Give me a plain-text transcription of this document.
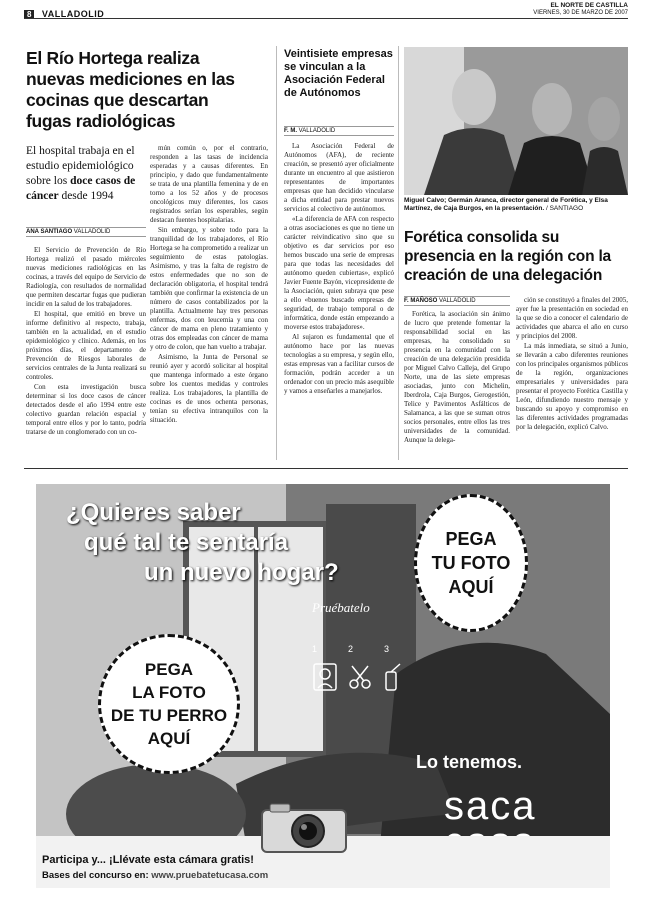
8 VALLADOLID
EL NORTE DE CASTILLA
VIERNES, 30 DE MARZO DE 2007
El Río Hortega realiza nuevas mediciones en las cocinas que descartan fugas radiológicas
El hospital trabaja en el estudio epidemiológico sobre los doce casos de cáncer desde 1994
ANA SANTIAGO VALLADOLID

El Servicio de Prevención de Río Hortega realizó el pasado miércoles nuevas mediciones radiológicas en las cocinas, a través del equipo de Servicio de Radiología, con resultados de normalidad que permiten descartar fugas que pudieran incidir en la salud de los trabajadores.

El hospital, que emitió en breve un informe definitivo al respecto, trabaja, también en la actualidad, en el estudio epidemiológico y clínico. Además, en los próximos días, el departamento de Prevención de Riesgos laborales de servicios centrales de la Junta realizará su controles.

Con esta investigación busca determinar si los doce casos de cáncer detectados desde el año 1994 entre este colectivo guardan relación espacial y temporal entre ellos y por lo tanto, podría tratarse de un conglomerado con un co-

mún común o, por el contrario, responden a las tasas de incidencia esperadas y a causas diferentes. En principio, y dado que fundamentalmente se trata de una plantilla femenina y de en torno a los 52 años y de procesos oncológicos muy diferentes, los casos registrados serían los esperables, según destacan fuentes hospitalarias.

Sin embargo, y sobre todo para la tranquilidad de los trabajadores, el Río Hortega se ha comprometido a realizar un seguimiento de estas patologías. Asimismo, y tras la falta de registro de estos enfermedades que no son de declaración obligatoria, el hospital tendrá también que confirmar la existencia de un número de casos contabilizados por la plantilla. Actualmente hay tres personas enfermas, dos con leucemia y una con cáncer de mama en pleno tratamiento y otras dos empleadas con cáncer de mama y otro de colon, que han vuelto a trabajar.

Asimismo, la Junta de Personal se reunió ayer y acordó solicitar al hospital que mantenga informado a este órgano sobre los cuentos medidas y controles realiza. Los trabajadores, la plantilla de cocinas es de unos ochenta personas, tenían su efectiva intranquilos con la situación.

Veintisiete empresas se vinculan a la Asociación Federal de Autónomos
F. M. VALLADOLID

La Asociación Federal de Autónomos (AFA), de reciente creación, se presentó ayer oficialmente durante un encuentro al que asistieron representantes de importantes empresas que han decidido vincularse a dicha entidad para prestar nuevos servicios al colectivo de autónomos.

«La diferencia de AFA con respecto a otras asociaciones es que no tiene un carácter reivindicativo sino que su objetivo es dar servicios por eso hemos buscado una serie de empresas para que todas las necesidades del autónomo queden cubiertas», explicó Javier Fuente Bayón, vicepresidente de la Asociación, quien subraya que pese a ello «buenos buscado empresas de seguridad, de trabajo temporal o de informática, donde están empezando a moverse estos trabajadores».

Al sujaron es fundamental que el autónomo hace por las nuevas tecnologías a su empresa, y según ello, estas empresas van a facilitar cursos de formación, podrán acceder a un ordenador con un precio más asequible y vamos a enseñarles a manejarlos.

Miguel Calvo; Germán Aranca, director general de Forética, y Elsa Martínez, de Caja Burgos, en la presentación. / SANTIAGO
Forética consolida su presencia en la región con la creación de una delegación
F. MAÑOSO VALLADOLID

Forética, la asociación sin ánimo de lucro que pretende fomentar la responsabilidad social en las empresas, ha consolidado su presencia en la comunidad con la creación de una delegación presidida por Miguel Calvo Calleja, del Grupo Norte, una de las siete empresas asociadas, junto con Michelin, Iberdrola, Caja Burgos, Gerogestión, Telice y Pavimentos Asfálticos de Salamanca, a las que se suman otros socios personales, entre ellos las tres universidades de la comunidad. Aunque la delega-

ción se constituyó a finales del 2005, ayer fue la presentación en sociedad en la que se dio a conocer el calendario de actividades que abarca el año en curso y principios del 2008.

La más inmediata, se situó a Junio, se llevarán a cabo diferentes reuniones con los principales organismos públicos de la región, organizaciones empresariales y universidades para presentar el proyecto Forética Castilla y León, difundiendo nuestro mensaje y buscando su apoyo y compromiso en las diferentes actividades programadas por la delegación, explicó Calvo.

¿Quieres saber
qué tal te sentaría
un nuevo hogar?
Pruébatelo
1	2	3
PEGA
TU FOTO
AQUÍ
PEGA
LA FOTO
DE TU PERRO
AQUÍ
Lo tenemos.
saca
Participa y... ¡Llévate esta cámara gratis!
Bases del concurso en: www.pruebatetucasa.com
